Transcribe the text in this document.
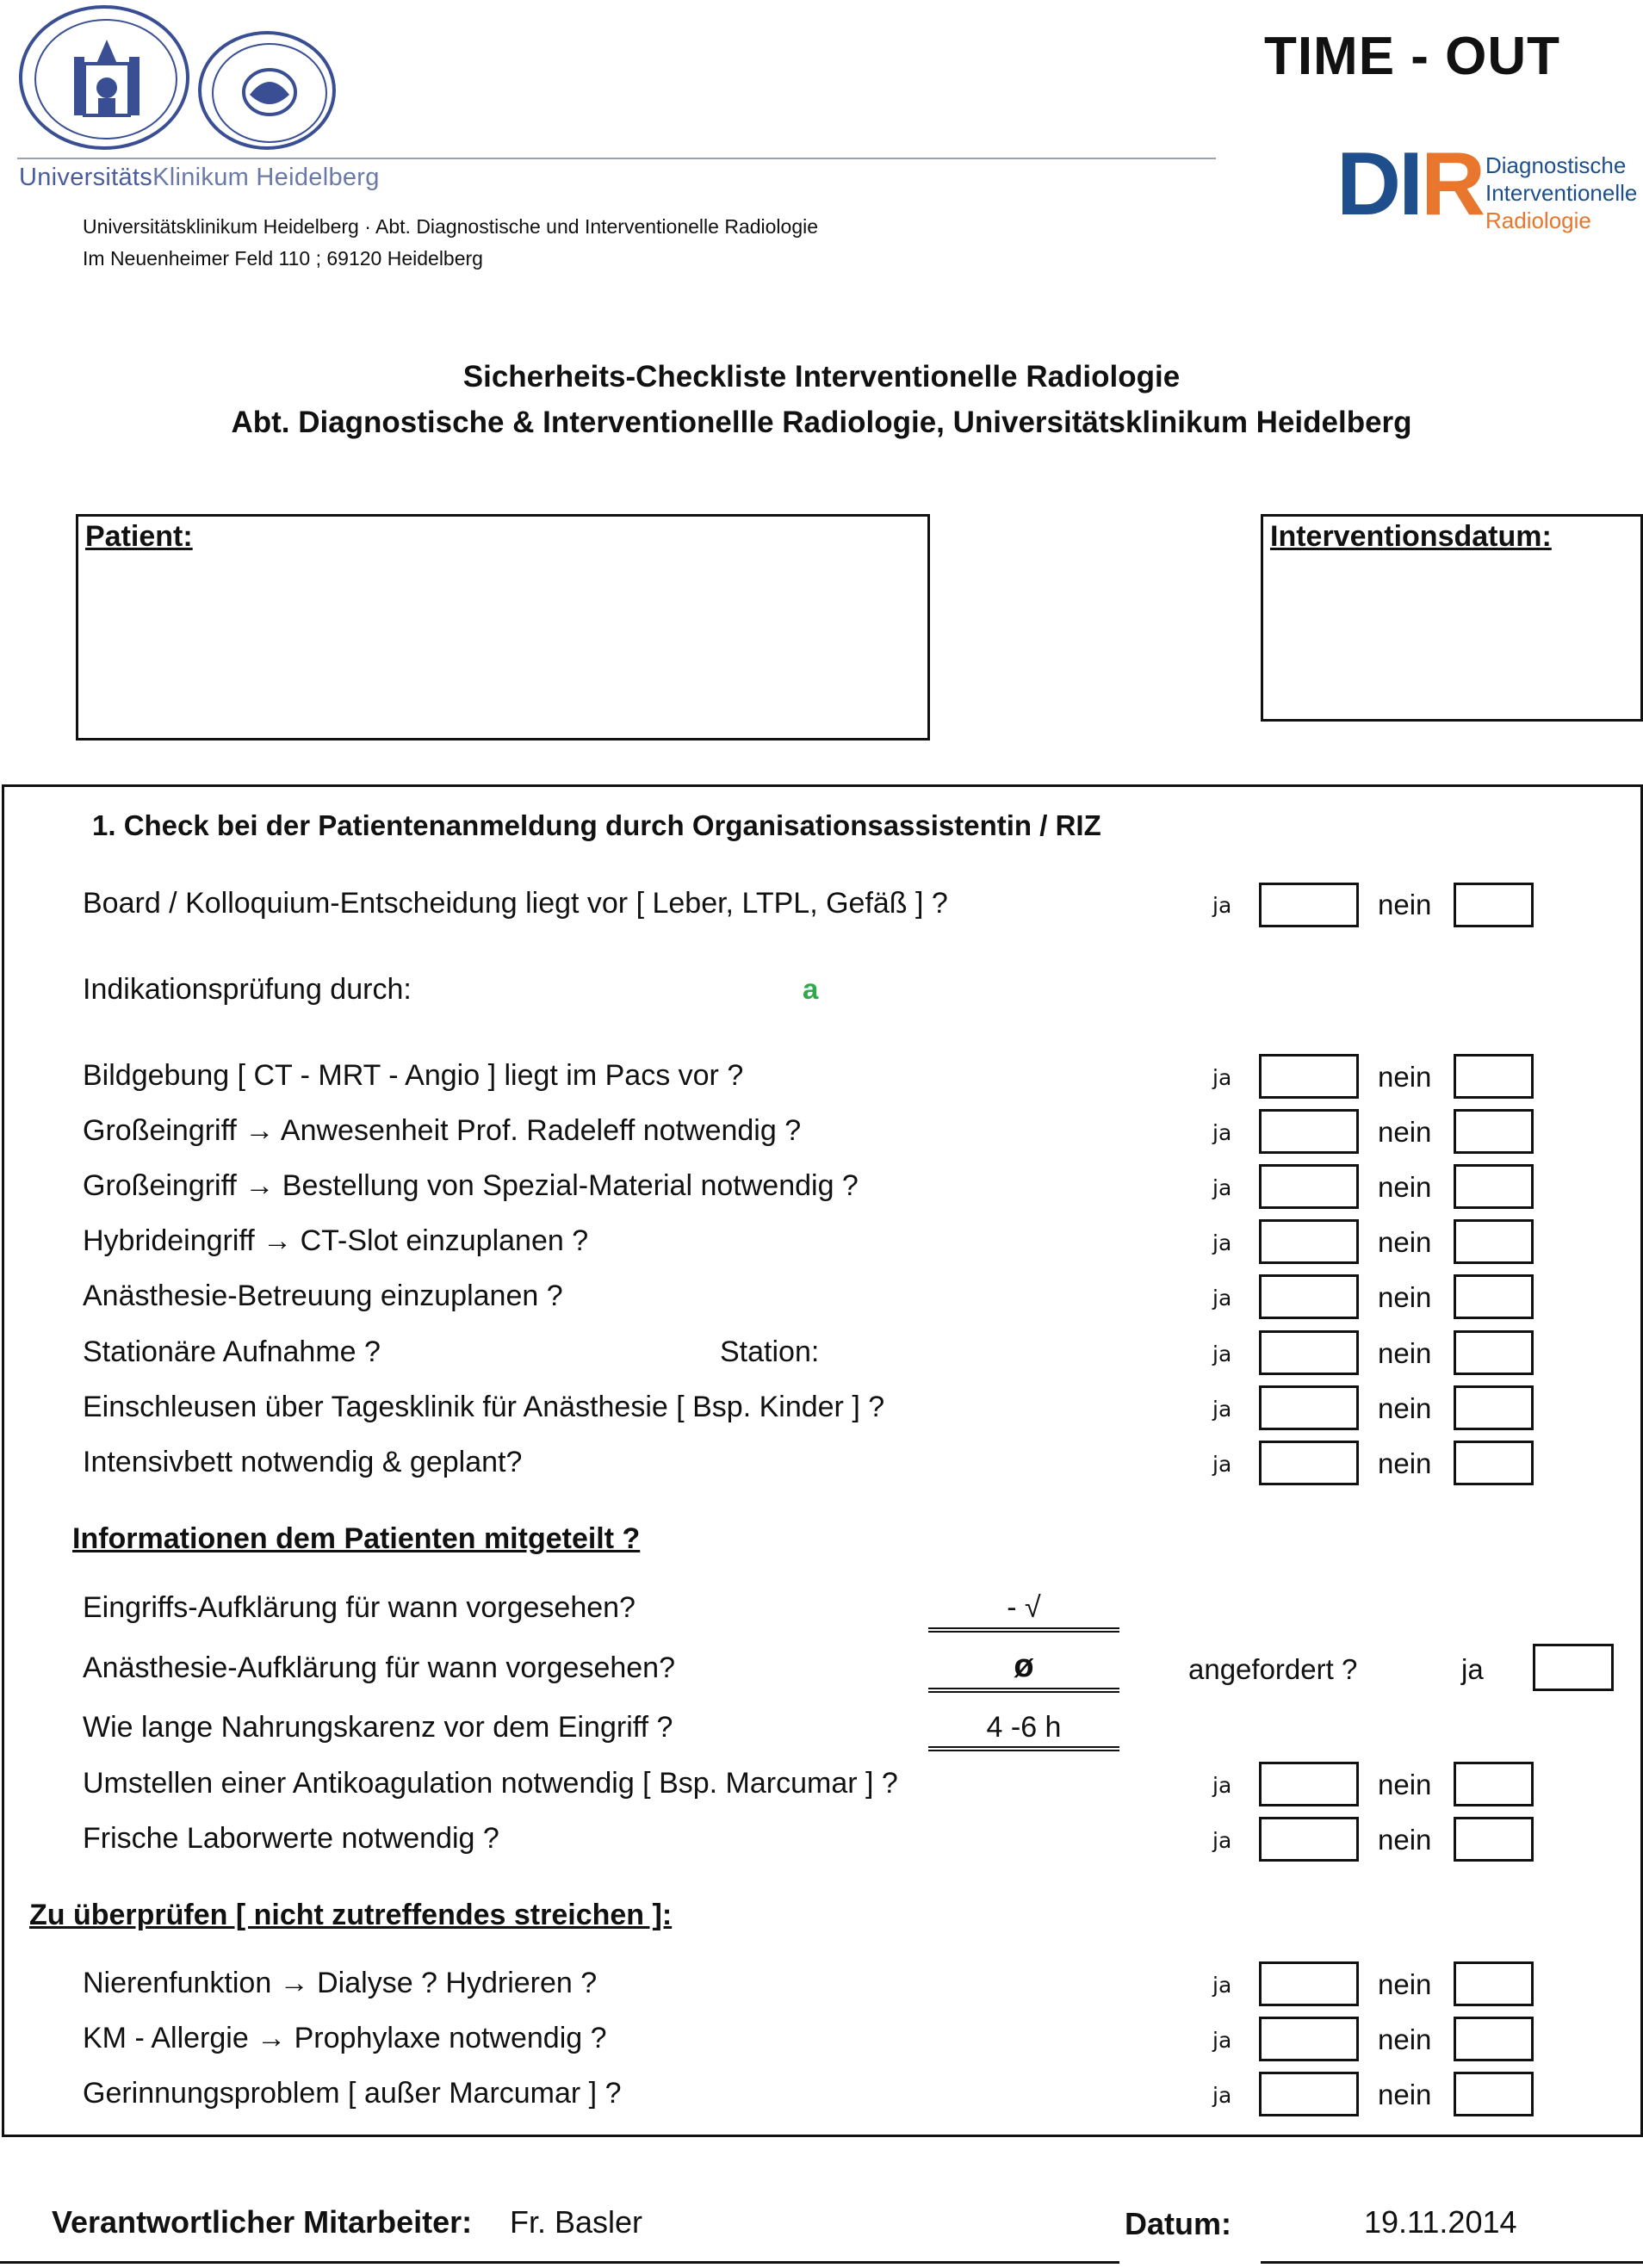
UniversitätsKlinikum Heidelberg
Universitätsklinikum Heidelberg · Abt. Diagnostische und Interventionelle Radiologie
Im Neuenheimer Feld 110 ; 69120 Heidelberg
TIME - OUT
DIR Diagnostische
Interventionelle
Radiologie
Sicherheits-Checkliste Interventionelle Radiologie
Abt. Diagnostische & Interventionellle Radiologie, Universitätsklinikum Heidelberg
Patient:	Interventionsdatum:
1. Check bei der Patientenanmeldung durch Organisationsassistentin / RIZ
Board / Kolloquium-Entscheidung liegt vor [ Leber, LTPL, Gefäß ] ?	ja	nein
Indikationsprüfung durch:	a
Bildgebung [ CT - MRT - Angio ] liegt im Pacs vor ?	ja	nein
Großeingriff → Anwesenheit Prof. Radeleff notwendig ?	ja	nein
Großeingriff → Bestellung von Spezial-Material notwendig ?	ja	nein
Hybrideingriff → CT-Slot einzuplanen ?	ja	nein
Anästhesie-Betreuung einzuplanen ?	ja	nein
Stationäre Aufnahme ?	Station:	ja	nein
Einschleusen über Tagesklinik für Anästhesie [ Bsp. Kinder ] ?	ja	nein
Intensivbett notwendig & geplant?	ja	nein
Informationen dem Patienten mitgeteilt ?
Eingriffs-Aufklärung für wann vorgesehen?	- √
Anästhesie-Aufklärung für wann vorgesehen?	ø	angefordert ?	ja
Wie lange Nahrungskarenz vor dem Eingriff ?	4 -6 h
Umstellen einer Antikoagulation notwendig [ Bsp. Marcumar ] ?	ja	nein
Frische Laborwerte notwendig ?	ja	nein
Zu überprüfen [ nicht zutreffendes streichen ]:
Nierenfunktion → Dialyse ? Hydrieren ?	ja	nein
KM - Allergie → Prophylaxe notwendig ?	ja	nein
Gerinnungsproblem [ außer Marcumar ] ?	ja	nein
Verantwortlicher Mitarbeiter: Fr. Basler	Datum:	19.11.2014
